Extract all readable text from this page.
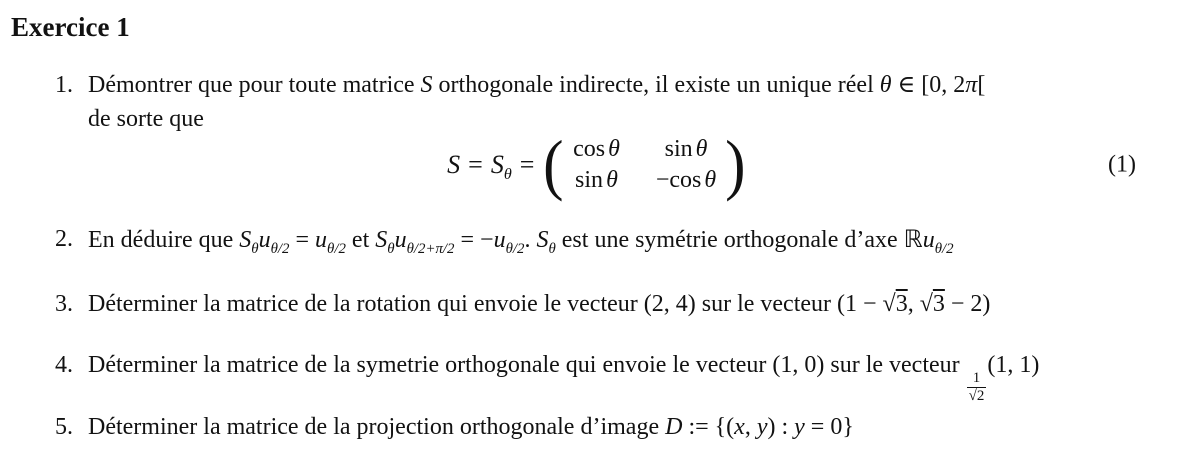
Exercice 1
1. Démontrer que pour toute matrice S orthogonale indirecte, il existe un unique réel θ ∈ [0, 2π[
de sorte que
$S = S_\theta$ = ( cos θ sin θ
sin θ −cos θ )	(1)
2. En déduire que $S_\theta u_{\theta/2} = u_{\theta/2}$ et $S_\theta u_{\theta/2+\pi/2} = -u_{\theta/2}$. $S_\theta$ est une symétrie orthogonale d’axe ℝu$_{\theta/2}$
3. Déterminer la matrice de la rotation qui envoie le vecteur (2, 4) sur le vecteur (1 − √3, √3 − 2)
4. Déterminer la matrice de la symetrie orthogonale qui envoie le vecteur (1, 0) sur le vecteur
$\frac{1}{√2}$
(1, 1)
5. Déterminer la matrice de la projection orthogonale d’image D := {(x, y) : y = 0}
